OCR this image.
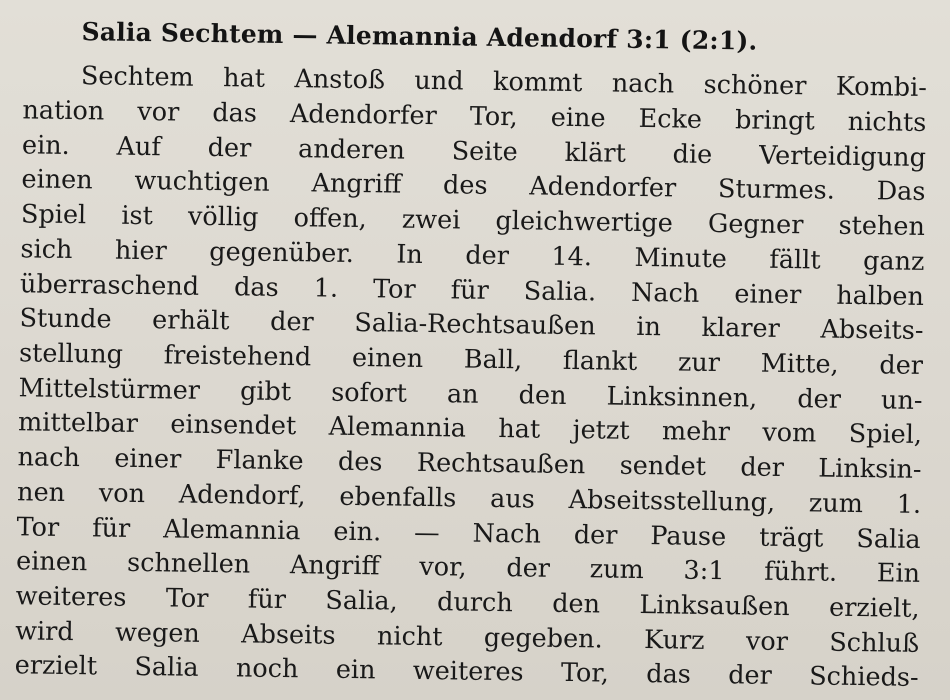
Salia Sechtem — Alemannia Adendorf 3:1 (2:1).
Sechtem hat Anstoß und kommt nach schöner Kombi-
nation vor das Adendorfer Tor, eine Ecke bringt nichts
ein. Auf der anderen Seite klärt die Verteidigung
einen wuchtigen Angriff des Adendorfer Sturmes. Das
Spiel ist völlig offen, zwei gleichwertige Gegner stehen
sich hier gegenüber. In der 14. Minute fällt ganz
überraschend das 1. Tor für Salia. Nach einer halben
Stunde erhält der Salia-Rechtsaußen in klarer Abseits-
stellung freistehend einen Ball, flankt zur Mitte, der
Mittelstürmer gibt sofort an den Linksinnen, der un-
mittelbar einsendet Alemannia hat jetzt mehr vom Spiel,
nach einer Flanke des Rechtsaußen sendet der Linksin-
nen von Adendorf, ebenfalls aus Abseitsstellung, zum 1.
Tor für Alemannia ein. — Nach der Pause trägt Salia
einen schnellen Angriff vor, der zum 3:1 führt. Ein
weiteres Tor für Salia, durch den Linksaußen erzielt,
wird wegen Abseits nicht gegeben. Kurz vor Schluß
erzielt Salia noch ein weiteres Tor, das der Schieds-
